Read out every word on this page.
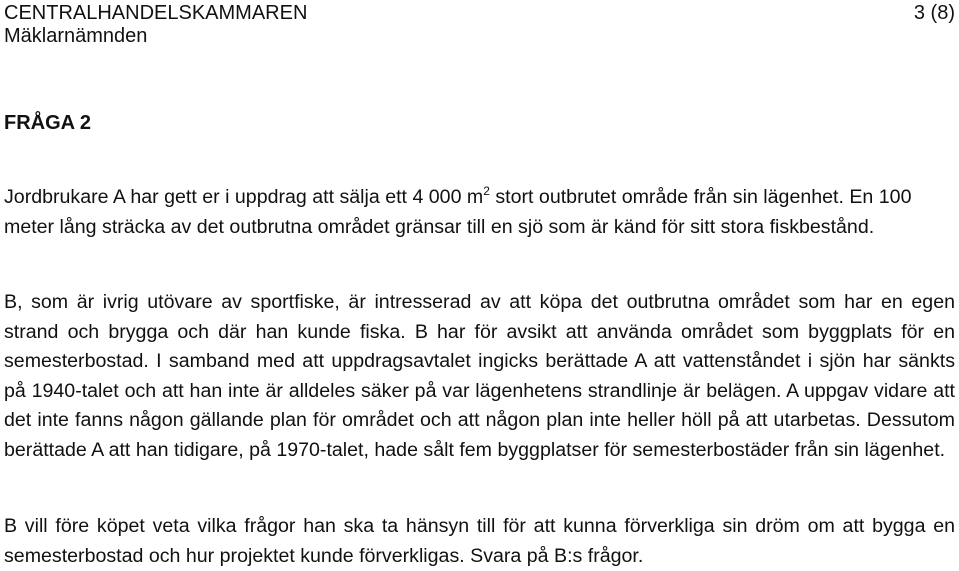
CENTRALHANDELSKAMMAREN	3 (8)
Mäklarnämnden
FRÅGA 2

Jordbrukare A har gett er i uppdrag att sälja ett 4 000 $m^2$ stort outbrutet område från sin lägenhet. En 100 meter lång sträcka av det outbrutna området gränsar till en sjö som är känd för sitt stora fiskbestånd.

B, som är ivrig utövare av sportfiske, är intresserad av att köpa det outbrutna området som har en egen strand och brygga och där han kunde fiska. B har för avsikt att använda området som byggplats för en semesterbostad. I samband med att uppdragsavtalet ingicks berättade A att vattenståndet i sjön har sänkts på 1940-talet och att han inte är alldeles säker på var lägenhetens strandlinje är belägen. A uppgav vidare att det inte fanns någon gällande plan för området och att någon plan inte heller höll på att utarbetas. Dessutom berättade A att han tidigare, på 1970-talet, hade sålt fem byggplatser för semesterbostäder från sin lägenhet.

B vill före köpet veta vilka frågor han ska ta hänsyn till för att kunna förverkliga sin dröm om att bygga en semesterbostad och hur projektet kunde förverkligas. Svara på B:s frågor.
